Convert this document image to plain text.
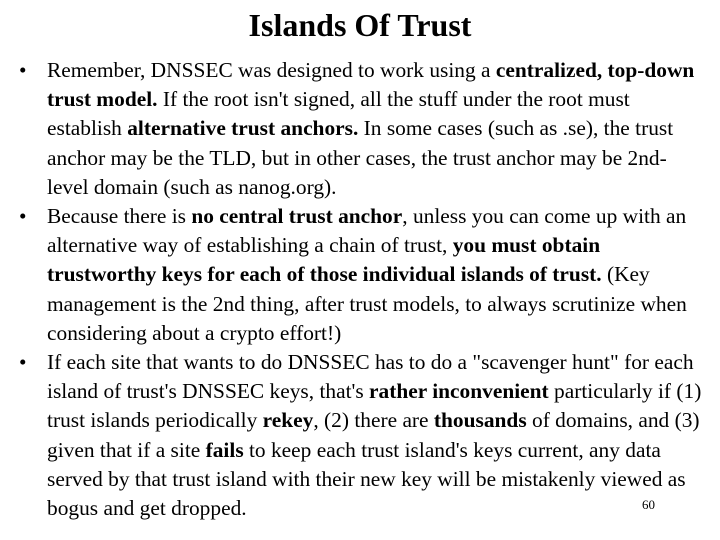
Islands Of Trust
• Remember, DNSSEC was designed to work using a centralized, top-down trust model. If the root isn't signed, all the stuff under the root must establish alternative trust anchors. In some cases (such as .se), the trust anchor may be the TLD, but in other cases, the trust anchor may be 2nd-level domain (such as nanog.org).
• Because there is no central trust anchor, unless you can come up with an alternative way of establishing a chain of trust, you must obtain trustworthy keys for each of those individual islands of trust. (Key management is the 2nd thing, after trust models, to always scrutinize when considering about a crypto effort!)
• If each site that wants to do DNSSEC has to do a "scavenger hunt" for each island of trust's DNSSEC keys, that's rather inconvenient particularly if (1) trust islands periodically rekey, (2) there are thousands of domains, and (3) given that if a site fails to keep each trust island's keys current, any data served by that trust island with their new key will be mistakenly viewed as bogus and get dropped.	60
